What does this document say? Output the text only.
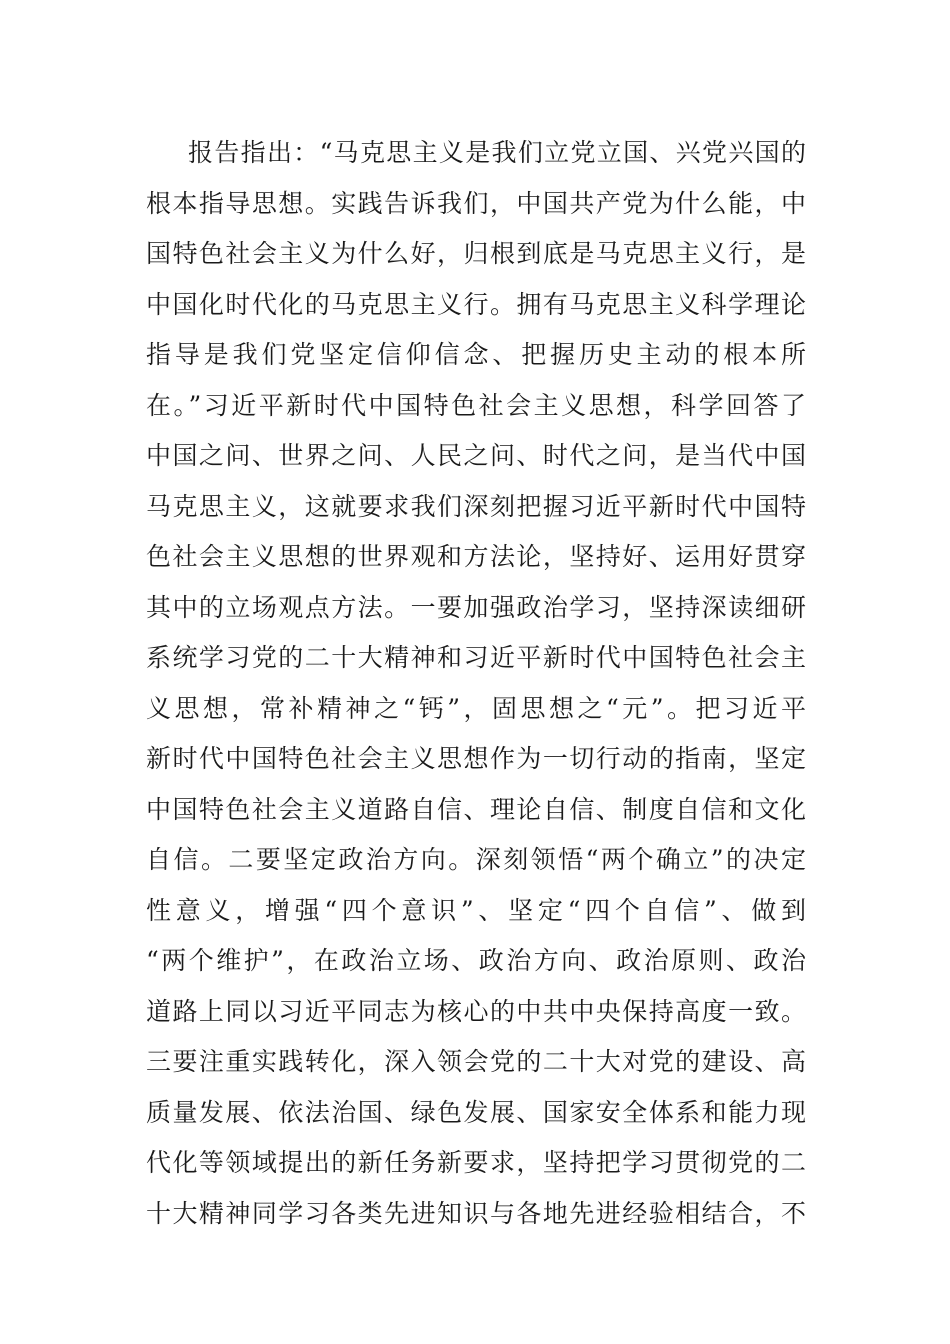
报告指出：“马克思主义是我们立党立国、兴党兴国的
根本指导思想。实践告诉我们，中国共产党为什么能，中
国特色社会主义为什么好，归根到底是马克思主义行，是
中国化时代化的马克思主义行。拥有马克思主义科学理论
指导是我们党坚定信仰信念、把握历史主动的根本所
在。”习近平新时代中国特色社会主义思想，科学回答了
中国之问、世界之问、人民之问、时代之问，是当代中国
马克思主义，这就要求我们深刻把握习近平新时代中国特
色社会主义思想的世界观和方法论，坚持好、运用好贯穿
其中的立场观点方法。一要加强政治学习，坚持深读细研
系统学习党的二十大精神和习近平新时代中国特色社会主
义思想，常补精神之“钙”，固思想之“元”。把习近平
新时代中国特色社会主义思想作为一切行动的指南，坚定
中国特色社会主义道路自信、理论自信、制度自信和文化
自信。二要坚定政治方向。深刻领悟“两个确立”的决定
性意义，增强“四个意识”、坚定“四个自信”、做到
“两个维护”，在政治立场、政治方向、政治原则、政治
道路上同以习近平同志为核心的中共中央保持高度一致。
三要注重实践转化，深入领会党的二十大对党的建设、高
质量发展、依法治国、绿色发展、国家安全体系和能力现
代化等领域提出的新任务新要求，坚持把学习贯彻党的二
十大精神同学习各类先进知识与各地先进经验相结合，不
